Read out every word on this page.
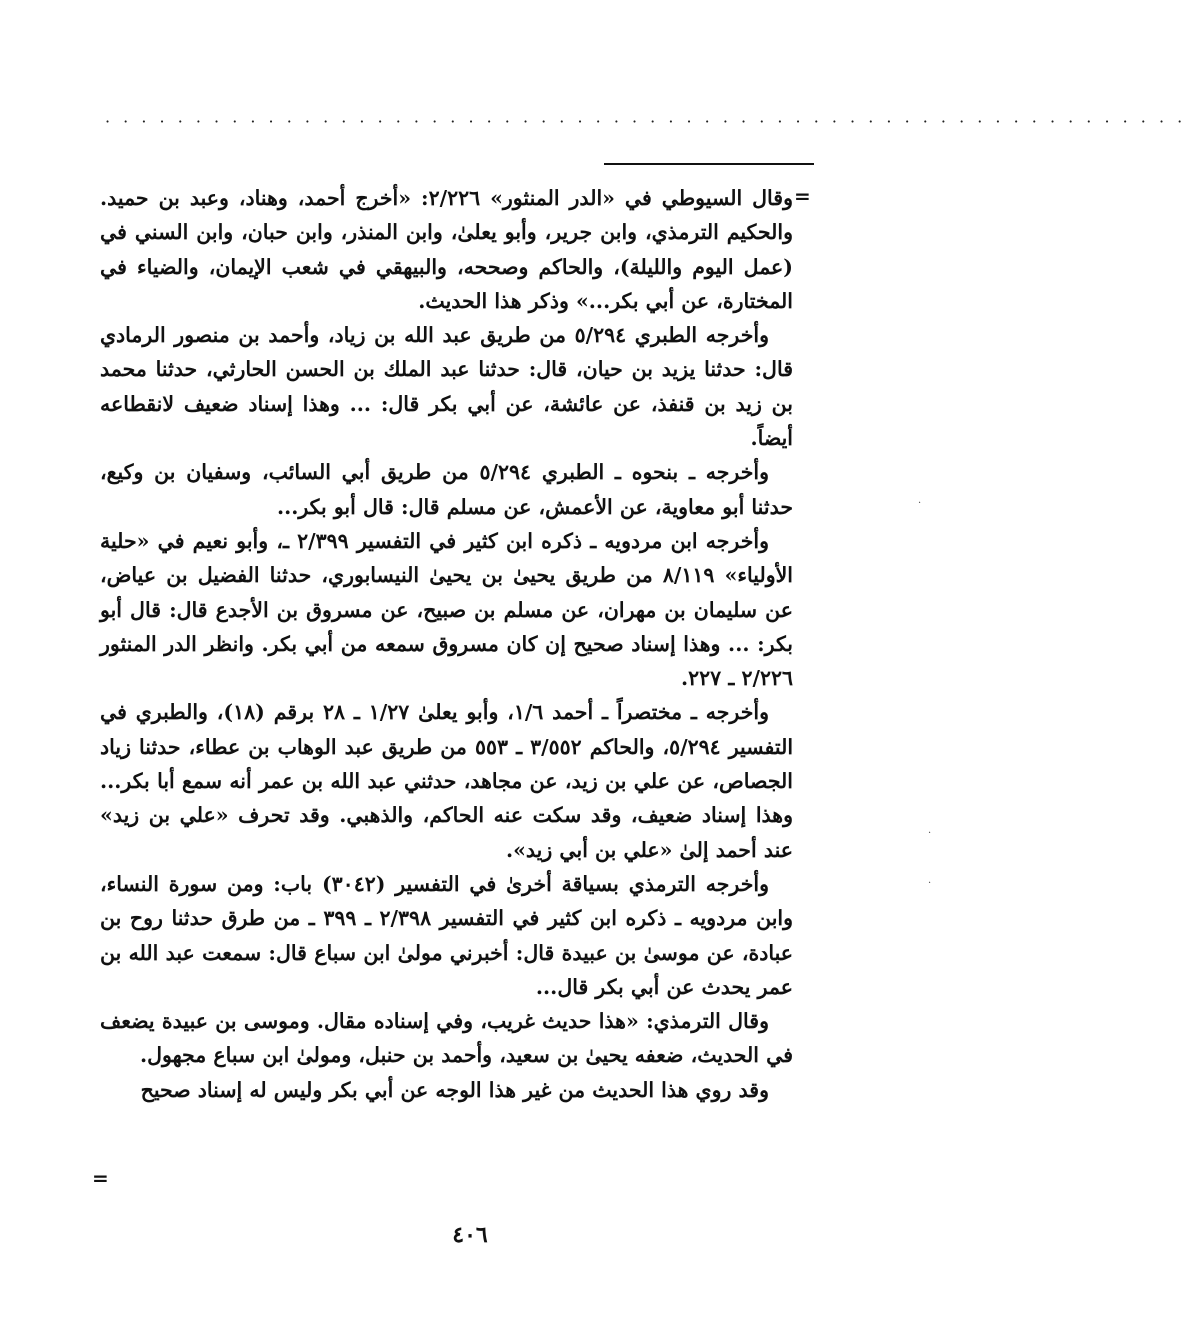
· · · · · · · · · · · · · · · · · · · · · · · · · · · · · · · · · · · · · · · · · · · · · · · · · · · · · · · · · · · ·
=

وقال السيوطي في «الدر المنثور» ٢/٢٢٦: «أخرج أحمد، وهناد، وعبد بن حميد. والحكيم الترمذي، وابن جرير، وأبو يعلىٰ، وابن المنذر، وابن حبان، وابن السني في (عمل اليوم والليلة)، والحاكم وصححه، والبيهقي في شعب الإيمان، والضياء في المختارة، عن أبي بكر...» وذكر هذا الحديث.

وأخرجه الطبري ٥/٢٩٤ من طريق عبد الله بن زياد، وأحمد بن منصور الرمادي قال: حدثنا يزيد بن حيان، قال: حدثنا عبد الملك بن الحسن الحارثي، حدثنا محمد بن زيد بن قنفذ، عن عائشة، عن أبي بكر قال: ... وهذا إسناد ضعيف لانقطاعه أيضاً.

وأخرجه ـ بنحوه ـ الطبري ٥/٢٩٤ من طريق أبي السائب، وسفيان بن وكيع، حدثنا أبو معاوية، عن الأعمش، عن مسلم قال: قال أبو بكر...

وأخرجه ابن مردويه ـ ذكره ابن كثير في التفسير ٢/٣٩٩ ـ، وأبو نعيم في «حلية الأولياء» ٨/١١٩ من طريق يحيىٰ بن يحيىٰ النيسابوري، حدثنا الفضيل بن عياض، عن سليمان بن مهران، عن مسلم بن صبيح، عن مسروق بن الأجدع قال: قال أبو بكر: ... وهذا إسناد صحيح إن كان مسروق سمعه من أبي بكر. وانظر الدر المنثور ٢/٢٢٦ ـ ٢٢٧.

وأخرجه ـ مختصراً ـ أحمد ١/٦، وأبو يعلىٰ ١/٢٧ ـ ٢٨ برقم (١٨)، والطبري في التفسير ٥/٢٩٤، والحاكم ٣/٥٥٢ ـ ٥٥٣ من طريق عبد الوهاب بن عطاء، حدثنا زياد الجصاص، عن علي بن زيد، عن مجاهد، حدثني عبد الله بن عمر أنه سمع أبا بكر... وهذا إسناد ضعيف، وقد سكت عنه الحاكم، والذهبي. وقد تحرف «علي بن زيد» عند أحمد إلىٰ «علي بن أبي زيد».

وأخرجه الترمذي بسياقة أخرىٰ في التفسير (٣٠٤٢) باب: ومن سورة النساء، وابن مردويه ـ ذكره ابن كثير في التفسير ٢/٣٩٨ ـ ٣٩٩ ـ من طرق حدثنا روح بن عبادة، عن موسىٰ بن عبيدة قال: أخبرني مولىٰ ابن سباع قال: سمعت عبد الله بن عمر يحدث عن أبي بكر قال...

وقال الترمذي: «هذا حديث غريب، وفي إسناده مقال. وموسى بن عبيدة يضعف في الحديث، ضعفه يحيىٰ بن سعيد، وأحمد بن حنبل، ومولىٰ ابن سباع مجهول.

وقد روي هذا الحديث من غير هذا الوجه عن أبي بكر وليس له إسناد صحيح

=
٤٠٦
·
·
·
